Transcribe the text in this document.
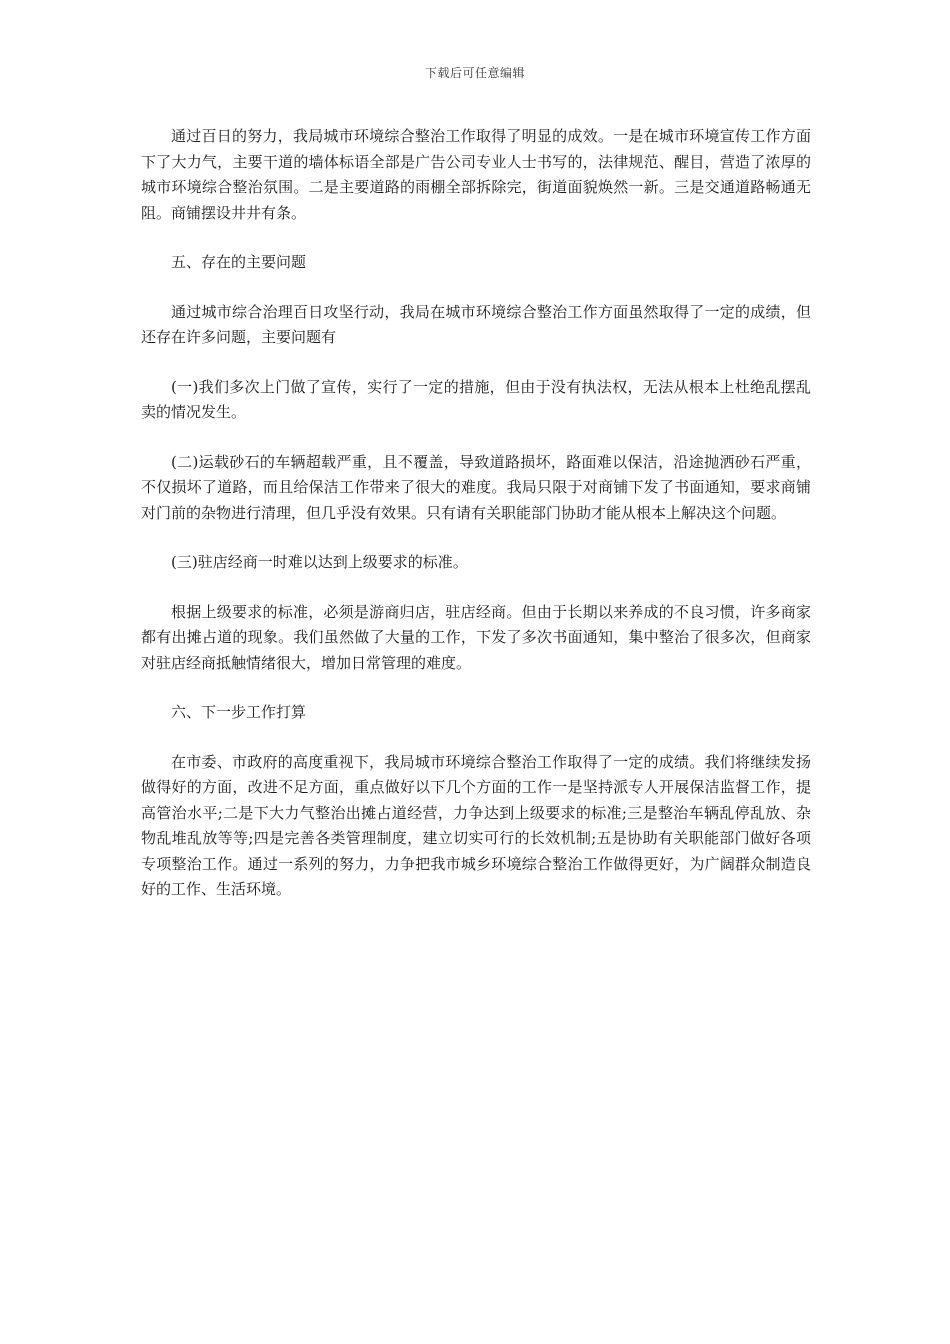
下载后可任意编辑

通过百日的努力，我局城市环境综合整治工作取得了明显的成效。一是在城市环境宣传工作方面下了大力气，主要干道的墙体标语全部是广告公司专业人士书写的，法律规范、醒目，营造了浓厚的城市环境综合整治氛围。二是主要道路的雨棚全部拆除完，街道面貌焕然一新。三是交通道路畅通无阻。商铺摆设井井有条。

五、存在的主要问题

通过城市综合治理百日攻坚行动，我局在城市环境综合整治工作方面虽然取得了一定的成绩，但还存在许多问题，主要问题有

(一)我们多次上门做了宣传，实行了一定的措施，但由于没有执法权，无法从根本上杜绝乱摆乱卖的情况发生。

(二)运载砂石的车辆超载严重，且不覆盖，导致道路损坏，路面难以保洁，沿途抛洒砂石严重，不仅损坏了道路，而且给保洁工作带来了很大的难度。我局只限于对商铺下发了书面通知，要求商铺对门前的杂物进行清理，但几乎没有效果。只有请有关职能部门协助才能从根本上解决这个问题。

(三)驻店经商一时难以达到上级要求的标准。

根据上级要求的标准，必须是游商归店，驻店经商。但由于长期以来养成的不良习惯，许多商家都有出摊占道的现象。我们虽然做了大量的工作，下发了多次书面通知，集中整治了很多次，但商家对驻店经商抵触情绪很大，增加日常管理的难度。

六、下一步工作打算

在市委、市政府的高度重视下，我局城市环境综合整治工作取得了一定的成绩。我们将继续发扬做得好的方面，改进不足方面，重点做好以下几个方面的工作一是坚持派专人开展保洁监督工作，提高管治水平;二是下大力气整治出摊占道经营，力争达到上级要求的标准;三是整治车辆乱停乱放、杂物乱堆乱放等等;四是完善各类管理制度，建立切实可行的长效机制;五是协助有关职能部门做好各项专项整治工作。通过一系列的努力，力争把我市城乡环境综合整治工作做得更好，为广阔群众制造良好的工作、生活环境。
